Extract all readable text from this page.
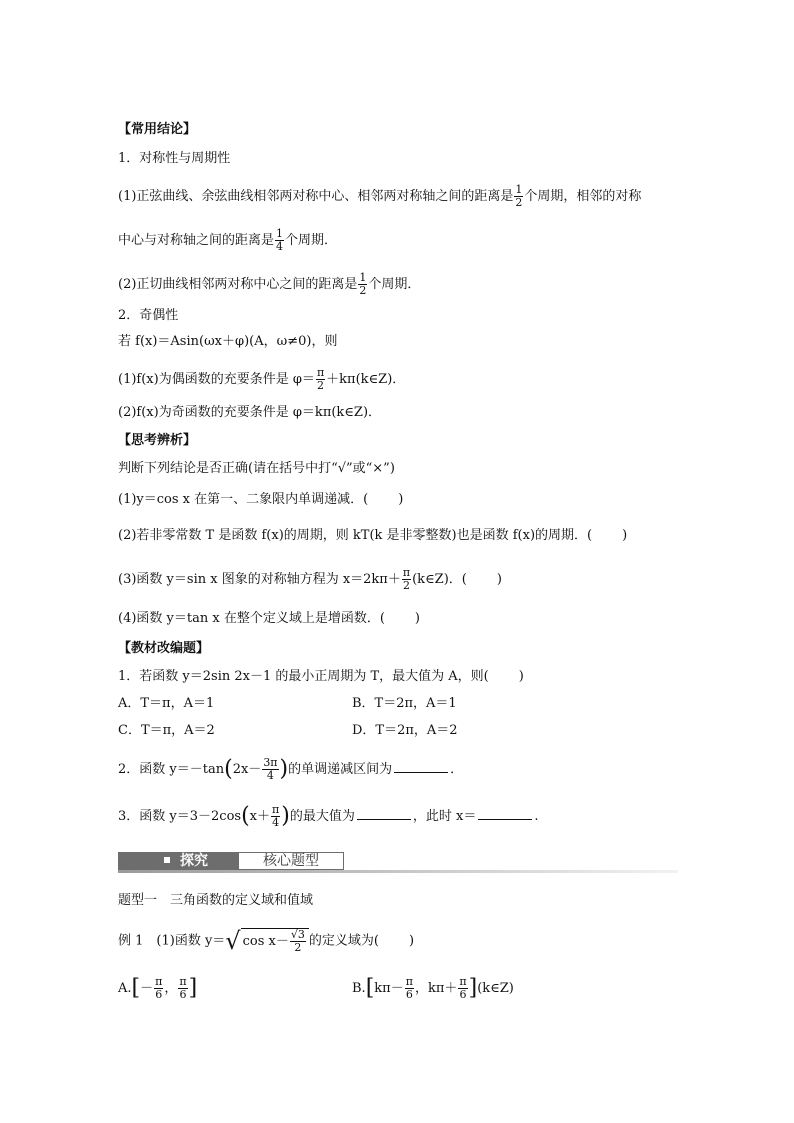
【常用结论】
1．对称性与周期性
(1)正弦曲线、余弦曲线相邻两对称中心、相邻两对称轴之间的距离是 $\frac{1}{2}$ 个周期，相邻的对称
中心与对称轴之间的距离是 $\frac{1}{4}$ 个周期．
(2)正切曲线相邻两对称中心之间的距离是 $\frac{1}{2}$ 个周期．
2．奇偶性
若 f(x)＝Asin(ωx＋φ)(A，ω≠0)，则
(1)f(x)为偶函数的充要条件是 $\varphi= \frac{\pi}{2}$ ＋kπ(k∈Z)．
(2)f(x)为奇函数的充要条件是 φ＝kπ(k∈Z)．
【思考辨析】
判断下列结论是否正确(请在括号中打“√”或“×”)
(1)y＝cos x 在第一、二象限内单调递减．( )
(2)若非零常数 T 是函数 f(x)的周期，则 kT(k 是非零整数)也是函数 f(x)的周期．( )
(3)函数 y＝sin x 图象的对称轴方程为 $x=2k\pi+ \frac{\pi}{2}$ (k∈Z)．( )
(4)函数 y＝tan x 在整个定义域上是增函数．( )
【教材改编题】
1．若函数 y＝2sin 2x－1 的最小正周期为 T，最大值为 A，则( )
A．T＝π，A＝1	B．T＝2π，A＝1
C．T＝π，A＝2	D．T＝2π，A＝2
2．函数 $y=-\tan(2x- \frac{3\pi}{4}$ )的单调递减区间为	．
3．函数 $y=3-2\cos(x+ \frac{\pi}{4}$ )的最大值为	，此时 x＝	.
探究	核心题型
题型一　三角函数的定义域和值域
例 1　(1)函数 y＝√ $\cos x- \frac{√3}{2}$ 的定义域为( )
$A.[- \frac{\pi}{6}$ ， $\frac{\pi}{6}$ ]	$B.[k\pi- \frac{\pi}{6}$ ，$k\pi+ \frac{\pi}{6}$ ](k∈Z)
